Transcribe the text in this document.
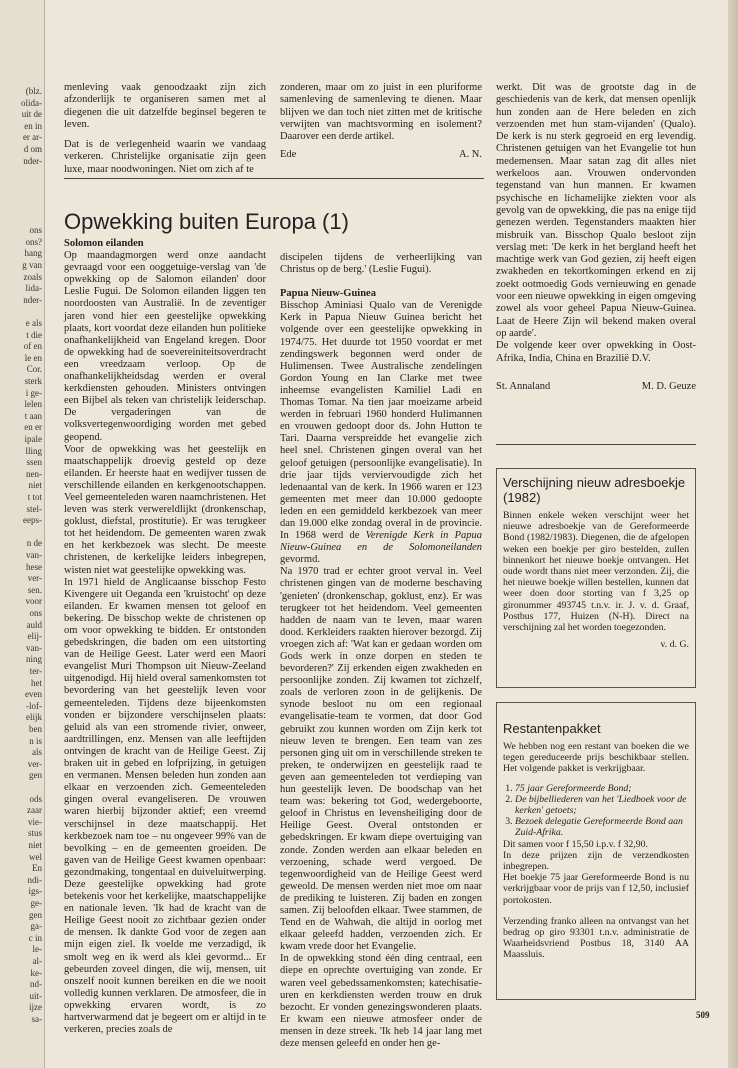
(blz.
olida-
uit de
en in
er ar-
d om
nder-
ons
ons?
hang
g van
zoals
lida-
nder-
e als
t die
of en
le en
Cor.
sterk
i ge-
lelen
t aan
en er
ipale
lling
ssen
nen-
niet
t tot
stel-
eeps-
n de
van-
hese
ver-
sen.
voor
ons
auld
elij-
van-
ning
ter-
het
even
-lof-
elijk
ben
n is
als
ver-
gen
ods
zaar
vie-
stus
niet
wel
En
ndi-
igs-
ge-
gen
ga-
c in
le-
al-
ke-
nd-
uit-
ijze
sa-

menleving vaak genoodzaakt zijn zich afzonderlijk te organiseren samen met al diegenen die uit datzelfde beginsel begeren te leven.

Dat is de verlegenheid waarin we vandaag verkeren. Christelijke organisatie zijn geen luxe, maar noodwoningen. Niet om zich af te

zonderen, maar om zo juist in een pluriforme samenleving de samenleving te dienen. Maar blijven we dan toch niet zitten met de kritische verwijten van machtsvorming en isolement? Daarover een derde artikel.

Ede	A. N.
Opwekking buiten Europa (1)
Solomon eilanden

Op maandagmorgen werd onze aandacht gevraagd voor een ooggetuige-verslag van 'de opwekking op de Salomon eilanden' door Leslie Fugui. De Solomon eilanden liggen ten noordoosten van Australië. In de zeventiger jaren vond hier een geestelijke opwekking plaats, kort voordat deze eilanden hun politieke onafhankelijkheid van Engeland kregen. Door de opwekking had de soevereiniteitsoverdracht een vreedzaam verloop. Op de onafhankelijkheidsdag werden er overal kerkdiensten gehouden. Ministers ontvingen een Bijbel als teken van christelijk leiderschap. De vergaderingen van de volksvertegenwoordiging worden met gebed geopend.

Voor de opwekking was het geestelijk en maatschappelijk droevig gesteld op deze eilanden. Er heerste haat en wedijver tussen de verschillende eilanden en kerkgenootschappen. Veel gemeenteleden waren naamchristenen. Het leven was sterk verwereldlijkt (dronkenschap, goklust, diefstal, prostitutie). Er was terugkeer tot het heidendom. De gemeenten waren zwak en het kerkbezoek was slecht. De meeste christenen, de kerkelijke leiders inbegrepen, wisten niet wat geestelijke opwekking was.

In 1971 hield de Anglicaanse bisschop Festo Kivengere uit Oeganda een 'kruistocht' op deze eilanden. Er kwamen mensen tot geloof en bekering. De bisschop wekte de christenen op om voor opwekking te bidden. Er ontstonden gebedskringen, die baden om een uitstorting van de Heilige Geest. Later werd een Maori evangelist Muri Thompson uit Nieuw-Zeeland uitgenodigd. Hij hield overal samenkomsten tot bevordering van het geestelijk leven voor gemeenteleden. Tijdens deze bijeenkomsten vonden er bijzondere verschijnselen plaats: geluid als van een stromende rivier, onweer, aardtrillingen, enz. Mensen van alle leeftijden ontvingen de kracht van de Heilige Geest. Zij braken uit in gebed en lofprijzing, in getuigen en vermanen. Mensen beleden hun zonden aan elkaar en verzoenden zich. Gemeenteleden gingen overal evangeliseren. De vrouwen waren hierbij bijzonder aktief; een vreemd verschijnsel in deze maatschappij. Het kerkbezoek nam toe – nu ongeveer 99% van de bevolking – en de gemeenten groeiden. De gaven van de Heilige Geest kwamen openbaar: gezondmaking, tongentaal en duiveluitwerping. Deze geestelijke opwekking had grote betekenis voor het kerkelijke, maatschappelijke en nationale leven. 'Ik had de kracht van de Heilige Geest nooit zo zichtbaar gezien onder de mensen. Ik dankte God voor de zegen aan mijn eigen ziel. Ik voelde me verzadigd, ik smolt weg en ik werd als klei gevormd... Er gebeurden zoveel dingen, die wij, mensen, uit onszelf nooit kunnen bereiken en die we nooit volledig kunnen verklaren. De atmosfeer, die in opwekking ervaren wordt, is zo hartverwarmend dat je begeert om er altijd in te verkeren, precies zoals de

discipelen tijdens de verheerlijking van Christus op de berg.' (Leslie Fugui).

Papua Nieuw-Guinea

Bisschop Aminiasi Qualo van de Verenigde Kerk in Papua Nieuw Guinea bericht het volgende over een geestelijke opwekking in 1974/75. Het duurde tot 1950 voordat er met zendingswerk begonnen werd onder de Hulimensen. Twee Australische zendelingen Gordon Young en Ian Clarke met twee inheemse evangelisten Kamiliel Ladi en Thomas Tomar. Na tien jaar moeizame arbeid werden in februari 1960 honderd Hulimannen en vrouwen gedoopt door ds. John Hutton te Tari. Daarna verspreidde het evangelie zich heel snel. Christenen gingen overal van het geloof getuigen (persoonlijke evangelisatie). In drie jaar tijds verviervoudigde zich het ledenaantal van de kerk. In 1966 waren er 123 gemeenten met meer dan 10.000 gedoopte leden en een gemiddeld kerkbezoek van meer dan 19.000 elke zondag overal in de provincie. In 1968 werd de Verenigde Kerk in Papua Nieuw-Guinea en de Solomoneilanden gevormd.

Na 1970 trad er echter groot verval in. Veel christenen gingen van de moderne beschaving 'genieten' (dronkenschap, goklust, enz). Er was terugkeer tot het heidendom. Veel gemeenten hadden de naam van te leven, maar waren dood. Kerkleiders raakten hierover bezorgd. Zij vroegen zich af: 'Wat kan er gedaan worden om Gods werk in onze dorpen en steden te bevorderen?' Zij erkenden eigen zwakheden en persoonlijke zonden. Zij kwamen tot zichzelf, zoals de verloren zoon in de gelijkenis. De synode besloot nu om een regionaal evangelisatie-team te vormen, dat door God gebruikt zou kunnen worden om Zijn kerk tot nieuw leven te brengen. Een team van zes personen ging uit om in verschillende streken te preken, te onderwijzen en geestelijk raad te geven aan gemeenteleden tot verdieping van hun geestelijk leven. De boodschap van het team was: bekering tot God, wedergeboorte, geloof in Christus en levensheiliging door de Heilige Geest. Overal ontstonden er gebedskringen. Er kwam diepe overtuiging van zonde. Zonden werden aan elkaar beleden en verzoening, schade werd vergoed. De tegenwoordigheid van de Heilige Geest werd geweold. De mensen werden niet moe om naar de prediking te luisteren. Zij baden en zongen samen. Zij beloofden elkaar. Twee stammen, de Tend en de Wahwah, die altijd in oorlog met elkaar geleefd hadden, verzoenden zich. Er kwam vrede door het Evangelie.

In de opwekking stond één ding centraal, een diepe en oprechte overtuiging van zonde. Er waren veel gebedssamenkomsten; katechisatie-uren en kerkdiensten werden trouw en druk bezocht. Er vonden genezingswonderen plaats. Er kwam een nieuwe atmosfeer onder de mensen in deze streek. 'Ik heb 14 jaar lang met deze mensen geleefd en onder hen ge-

werkt. Dit was de grootste dag in de geschiedenis van de kerk, dat mensen openlijk hun zonden aan de Here beleden en zich verzoenden met hun stam-vijanden' (Qualo). De kerk is nu sterk gegroeid en erg levendig. Christenen getuigen van het Evangelie tot hun medemensen. Maar satan zag dit alles niet werkeloos aan. Vrouwen ondervonden tegenstand van hun mannen. Er kwamen psychische en lichamelijke ziekten voor als gevolg van de opwekking, die pas na enige tijd genezen werden. Tegenstanders maakten hier misbruik van. Bisschop Qualo besloot zijn verslag met: 'De kerk in het bergland heeft het machtige werk van God gezien, zij heeft eigen zwakheden en tekortkomingen erkend en zij zoekt ootmoedig Gods vernieuwing en genade voor een nieuwe opwekking in eigen omgeving zowel als voor geheel Papua Nieuw-Guinea. Laat de Heere Zijn wil bekend maken overal op aarde'.

De volgende keer over opwekking in Oost-Afrika, India, China en Brazilië D.V.

St. Annaland	M. D. Geuze
Verschijning nieuw adresboekje (1982)
Binnen enkele weken verschijnt weer het nieuwe adresboekje van de Gereformeerde Bond (1982/1983). Diegenen, die de afgelopen weken een boekje per giro bestelden, zullen binnenkort het nieuwe boekje ontvangen. Het oude wordt thans niet meer verzonden. Zij, die het nieuwe boekje willen bestellen, kunnen dat weer doen door storting van f 3,25 op gironummer 493745 t.n.v. ir. J. v. d. Graaf, Postbus 177, Huizen (N-H). Direct na verschijning zal het worden toegezonden.
v. d. G.
Restantenpakket
We hebben nog een restant van boeken die we tegen gereduceerde prijs beschikbaar stellen. Het volgende pakket is verkrijgbaar.
1. 75 jaar Gereformeerde Bond;
2. De bijbelliederen van het 'Liedboek voor de kerken' getoets;
3. Bezoek delegatie Gereformeerde Bond aan Zuid-Afrika.
Dit samen voor f 15,50 i.p.v. f 32,90.
In deze prijzen zijn de verzendkosten inbegrepen.
Het boekje 75 jaar Gereformeerde Bond is nu verkrijgbaar voor de prijs van f 12,50, inclusief portokosten.
Verzending franko alleen na ontvangst van het bedrag op giro 93301 t.n.v. administratie de Waarheidsvriend Postbus 18, 3140 AA Maassluis.
509
